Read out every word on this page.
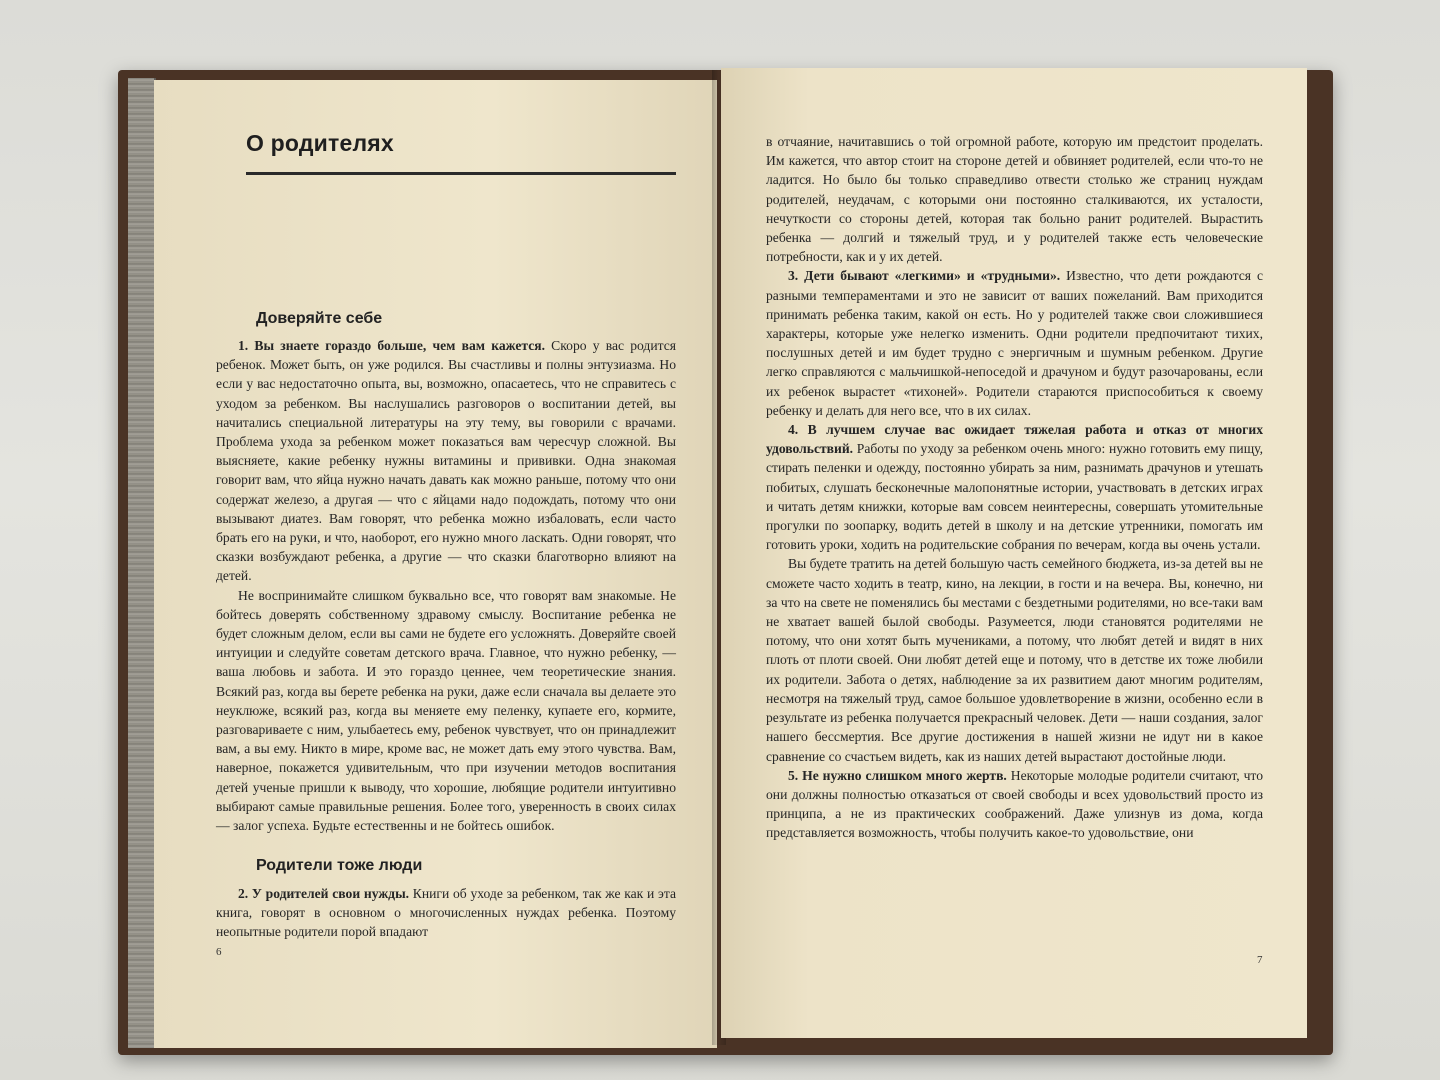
О родителях
Доверяйте себе

1. Вы знаете гораздо больше, чем вам кажется. Скоро у вас родится ребенок. Может быть, он уже родился. Вы счастливы и полны энтузиазма. Но если у вас недостаточно опыта, вы, возможно, опасаетесь, что не справитесь с уходом за ребенком. Вы наслушались разговоров о воспитании детей, вы начитались специальной литературы на эту тему, вы говорили с врачами. Проблема ухода за ребенком может показаться вам чересчур сложной. Вы выясняете, какие ребенку нужны витамины и прививки. Одна знакомая говорит вам, что яйца нужно начать давать как можно раньше, потому что они содержат железо, а другая — что с яйцами надо подождать, потому что они вызывают диатез. Вам говорят, что ребенка можно избаловать, если часто брать его на руки, и что, наоборот, его нужно много ласкать. Одни говорят, что сказки возбуждают ребенка, а другие — что сказки благотворно влияют на детей.

Не воспринимайте слишком буквально все, что говорят вам знакомые. Не бойтесь доверять собственному здравому смыслу. Воспитание ребенка не будет сложным делом, если вы сами не будете его усложнять. Доверяйте своей интуиции и следуйте советам детского врача. Главное, что нужно ребенку, — ваша любовь и забота. И это гораздо ценнее, чем теоретические знания. Всякий раз, когда вы берете ребенка на руки, даже если сначала вы делаете это неуклюже, всякий раз, когда вы меняете ему пеленку, купаете его, кормите, разговариваете с ним, улыбаетесь ему, ребенок чувствует, что он принадлежит вам, а вы ему. Никто в мире, кроме вас, не может дать ему этого чувства. Вам, наверное, покажется удивительным, что при изучении методов воспитания детей ученые пришли к выводу, что хорошие, любящие родители интуитивно выбирают самые правильные решения. Более того, уверенность в своих силах — залог успеха. Будьте естественны и не бойтесь ошибок.

Родители тоже люди

2. У родителей свои нужды. Книги об уходе за ребенком, так же как и эта книга, говорят в основном о многочисленных нуждах ребенка. Поэтому неопытные родители порой впадают

6

в отчаяние, начитавшись о той огромной работе, которую им предстоит проделать. Им кажется, что автор стоит на стороне детей и обвиняет родителей, если что-то не ладится. Но было бы только справедливо отвести столько же страниц нуждам родителей, неудачам, с которыми они постоянно сталкиваются, их усталости, нечуткости со стороны детей, которая так больно ранит родителей. Вырастить ребенка — долгий и тяжелый труд, и у родителей также есть человеческие потребности, как и у их детей.

3. Дети бывают «легкими» и «трудными». Известно, что дети рождаются с разными темпераментами и это не зависит от ваших пожеланий. Вам приходится принимать ребенка таким, какой он есть. Но у родителей также свои сложившиеся характеры, которые уже нелегко изменить. Одни родители предпочитают тихих, послушных детей и им будет трудно с энергичным и шумным ребенком. Другие легко справляются с мальчишкой-непоседой и драчуном и будут разочарованы, если их ребенок вырастет «тихоней». Родители стараются приспособиться к своему ребенку и делать для него все, что в их силах.

4. В лучшем случае вас ожидает тяжелая работа и отказ от многих удовольствий. Работы по уходу за ребенком очень много: нужно готовить ему пищу, стирать пеленки и одежду, постоянно убирать за ним, разнимать драчунов и утешать побитых, слушать бесконечные малопонятные истории, участвовать в детских играх и читать детям книжки, которые вам совсем неинтересны, совершать утомительные прогулки по зоопарку, водить детей в школу и на детские утренники, помогать им готовить уроки, ходить на родительские собрания по вечерам, когда вы очень устали.

Вы будете тратить на детей большую часть семейного бюджета, из-за детей вы не сможете часто ходить в театр, кино, на лекции, в гости и на вечера. Вы, конечно, ни за что на свете не поменялись бы местами с бездетными родителями, но все-таки вам не хватает вашей былой свободы. Разумеется, люди становятся родителями не потому, что они хотят быть мучениками, а потому, что любят детей и видят в них плоть от плоти своей. Они любят детей еще и потому, что в детстве их тоже любили их родители. Забота о детях, наблюдение за их развитием дают многим родителям, несмотря на тяжелый труд, самое большое удовлетворение в жизни, особенно если в результате из ребенка получается прекрасный человек. Дети — наши создания, залог нашего бессмертия. Все другие достижения в нашей жизни не идут ни в какое сравнение со счастьем видеть, как из наших детей вырастают достойные люди.

5. Не нужно слишком много жертв. Некоторые молодые родители считают, что они должны полностью отказаться от своей свободы и всех удовольствий просто из принципа, а не из практических соображений. Даже улизнув из дома, когда представляется возможность, чтобы получить какое-то удовольствие, они

7
